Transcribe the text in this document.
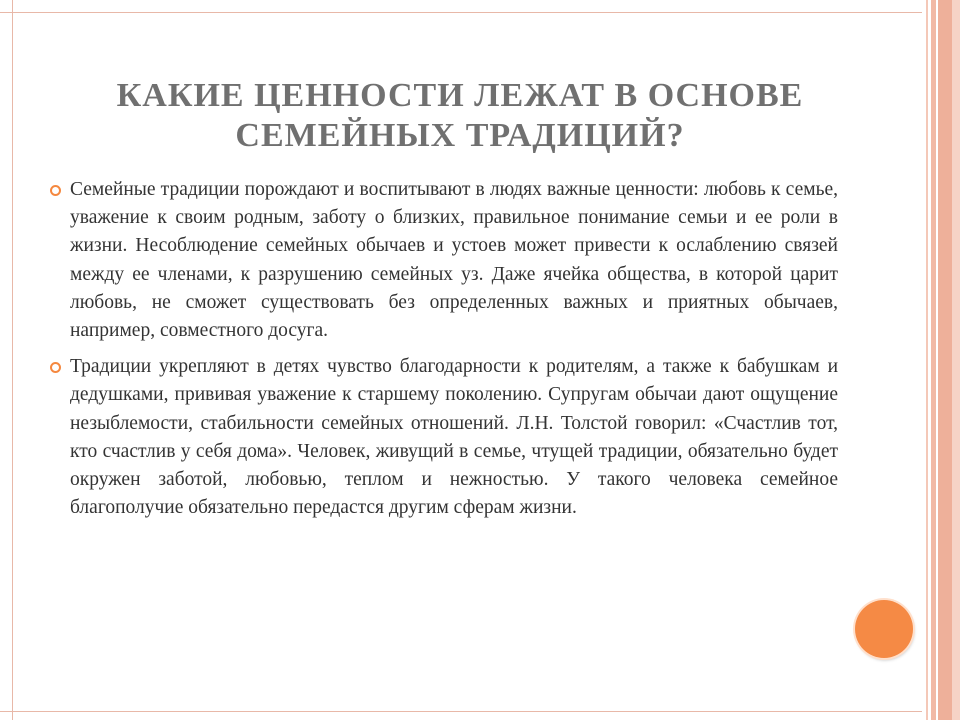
КАКИЕ ЦЕННОСТИ ЛЕЖАТ В ОСНОВЕ СЕМЕЙНЫХ ТРАДИЦИЙ?
Семейные традиции порождают и воспитывают в людях важные ценности: любовь к семье, уважение к своим родным, заботу о близких, правильное понимание семьи и ее роли в жизни. Несоблюдение семейных обычаев и устоев может привести к ослаблению связей между ее членами, к разрушению семейных уз. Даже ячейка общества, в которой царит любовь, не сможет существовать без определенных важных и приятных обычаев, например, совместного досуга.
Традиции укрепляют в детях чувство благодарности к родителям, а также к бабушкам и дедушками, прививая уважение к старшему поколению. Супругам обычаи дают ощущение незыблемости, стабильности семейных отношений. Л.Н. Толстой говорил: «Счастлив тот, кто счастлив у себя дома». Человек, живущий в семье, чтущей традиции, обязательно будет окружен заботой, любовью, теплом и нежностью. У такого человека семейное благополучие обязательно передастся другим сферам жизни.
